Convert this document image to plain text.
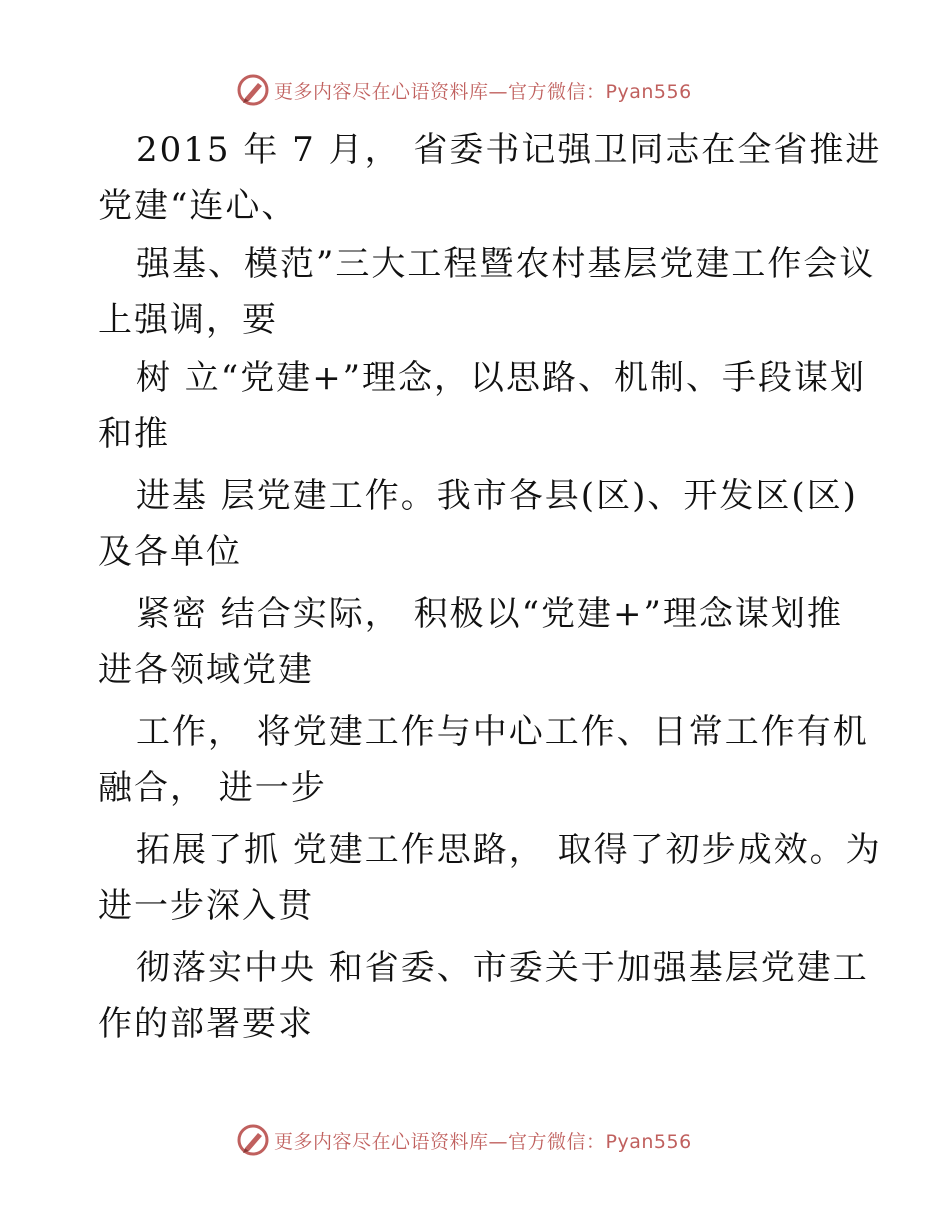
更多内容尽在心语资料库—官方微信：Pyan556
2015 年 7 月， 省委书记强卫同志在全省推进
党建“连心、
强基、模范”三大工程暨农村基层党建工作会议
上强调，要
树 立“党建+”理念，以思路、机制、手段谋划
和推
进基 层党建工作。我市各县(区)、开发区(区)
及各单位
紧密 结合实际， 积极以“党建+”理念谋划推
进各领域党建
工作， 将党建工作与中心工作、日常工作有机
融合， 进一步
拓展了抓 党建工作思路， 取得了初步成效。为
进一步深入贯
彻落实中央 和省委、市委关于加强基层党建工
作的部署要求
更多内容尽在心语资料库—官方微信：Pyan556
